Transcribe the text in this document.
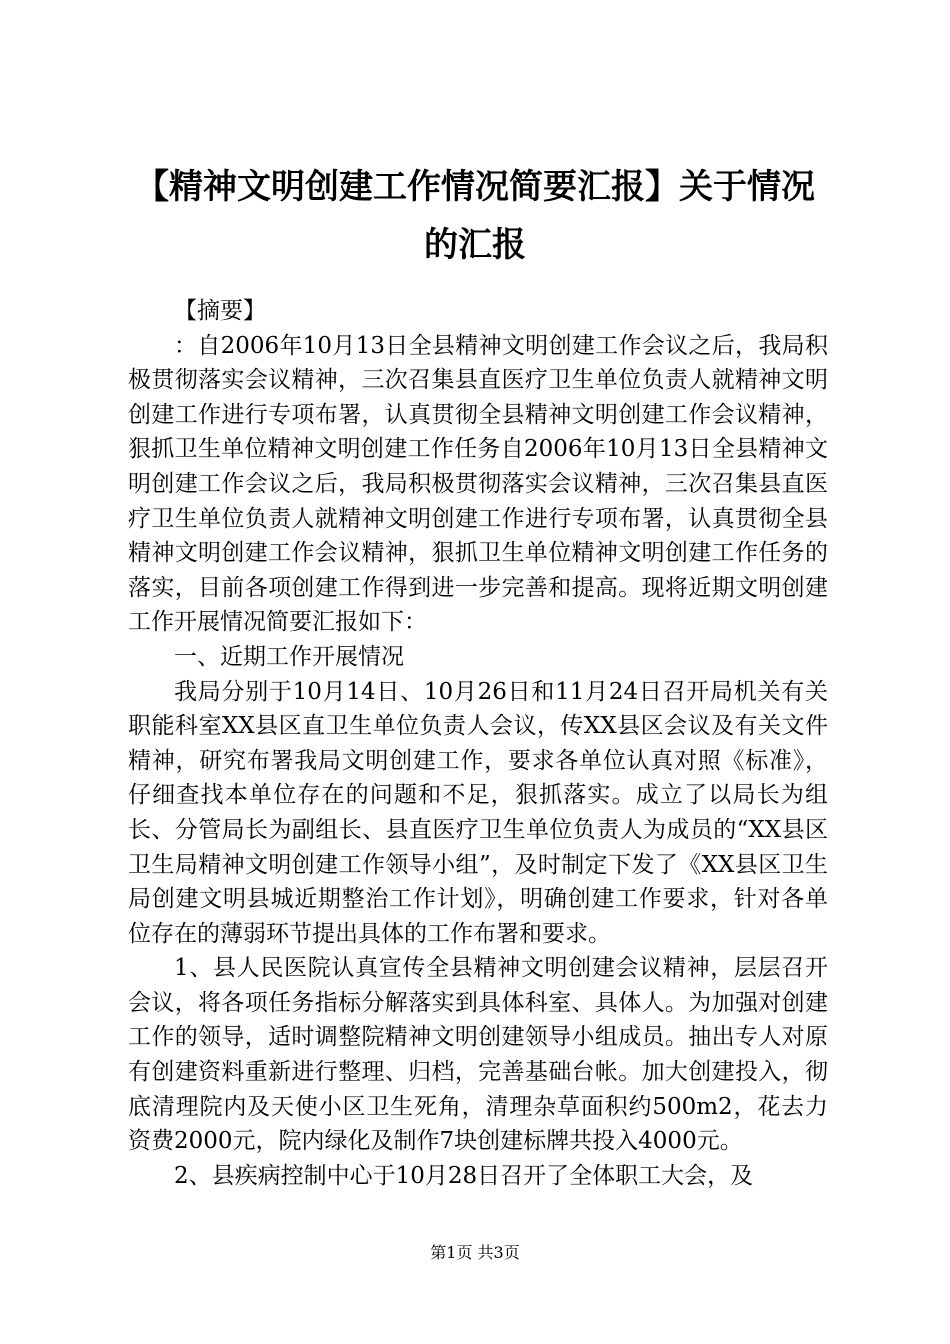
【精神文明创建工作情况简要汇报】关于情况
的汇报

【摘要】

：自2006年10月13日全县精神文明创建工作会议之后，我局积极贯彻落实会议精神，三次召集县直医疗卫生单位负责人就精神文明创建工作进行专项布署，认真贯彻全县精神文明创建工作会议精神，狠抓卫生单位精神文明创建工作任务自2006年10月13日全县精神文明创建工作会议之后，我局积极贯彻落实会议精神，三次召集县直医疗卫生单位负责人就精神文明创建工作进行专项布署，认真贯彻全县精神文明创建工作会议精神，狠抓卫生单位精神文明创建工作任务的落实，目前各项创建工作得到进一步完善和提高。现将近期文明创建工作开展情况简要汇报如下：

一、近期工作开展情况

我局分别于10月14日、10月26日和11月24日召开局机关有关职能科室XX县区直卫生单位负责人会议，传XX县区会议及有关文件精神，研究布署我局文明创建工作，要求各单位认真对照《标准》，仔细查找本单位存在的问题和不足，狠抓落实。成立了以局长为组长、分管局长为副组长、县直医疗卫生单位负责人为成员的“XX县区卫生局精神文明创建工作领导小组”，及时制定下发了《XX县区卫生局创建文明县城近期整治工作计划》，明确创建工作要求，针对各单位存在的薄弱环节提出具体的工作布署和要求。

1、县人民医院认真宣传全县精神文明创建会议精神，层层召开会议，将各项任务指标分解落实到具体科室、具体人。为加强对创建工作的领导，适时调整院精神文明创建领导小组成员。抽出专人对原有创建资料重新进行整理、归档，完善基础台帐。加大创建投入，彻底清理院内及天使小区卫生死角，清理杂草面积约500m2，花去力资费2000元，院内绿化及制作7块创建标牌共投入4000元。

2、县疾病控制中心于10月28日召开了全体职工大会，及

第1页 共3页
